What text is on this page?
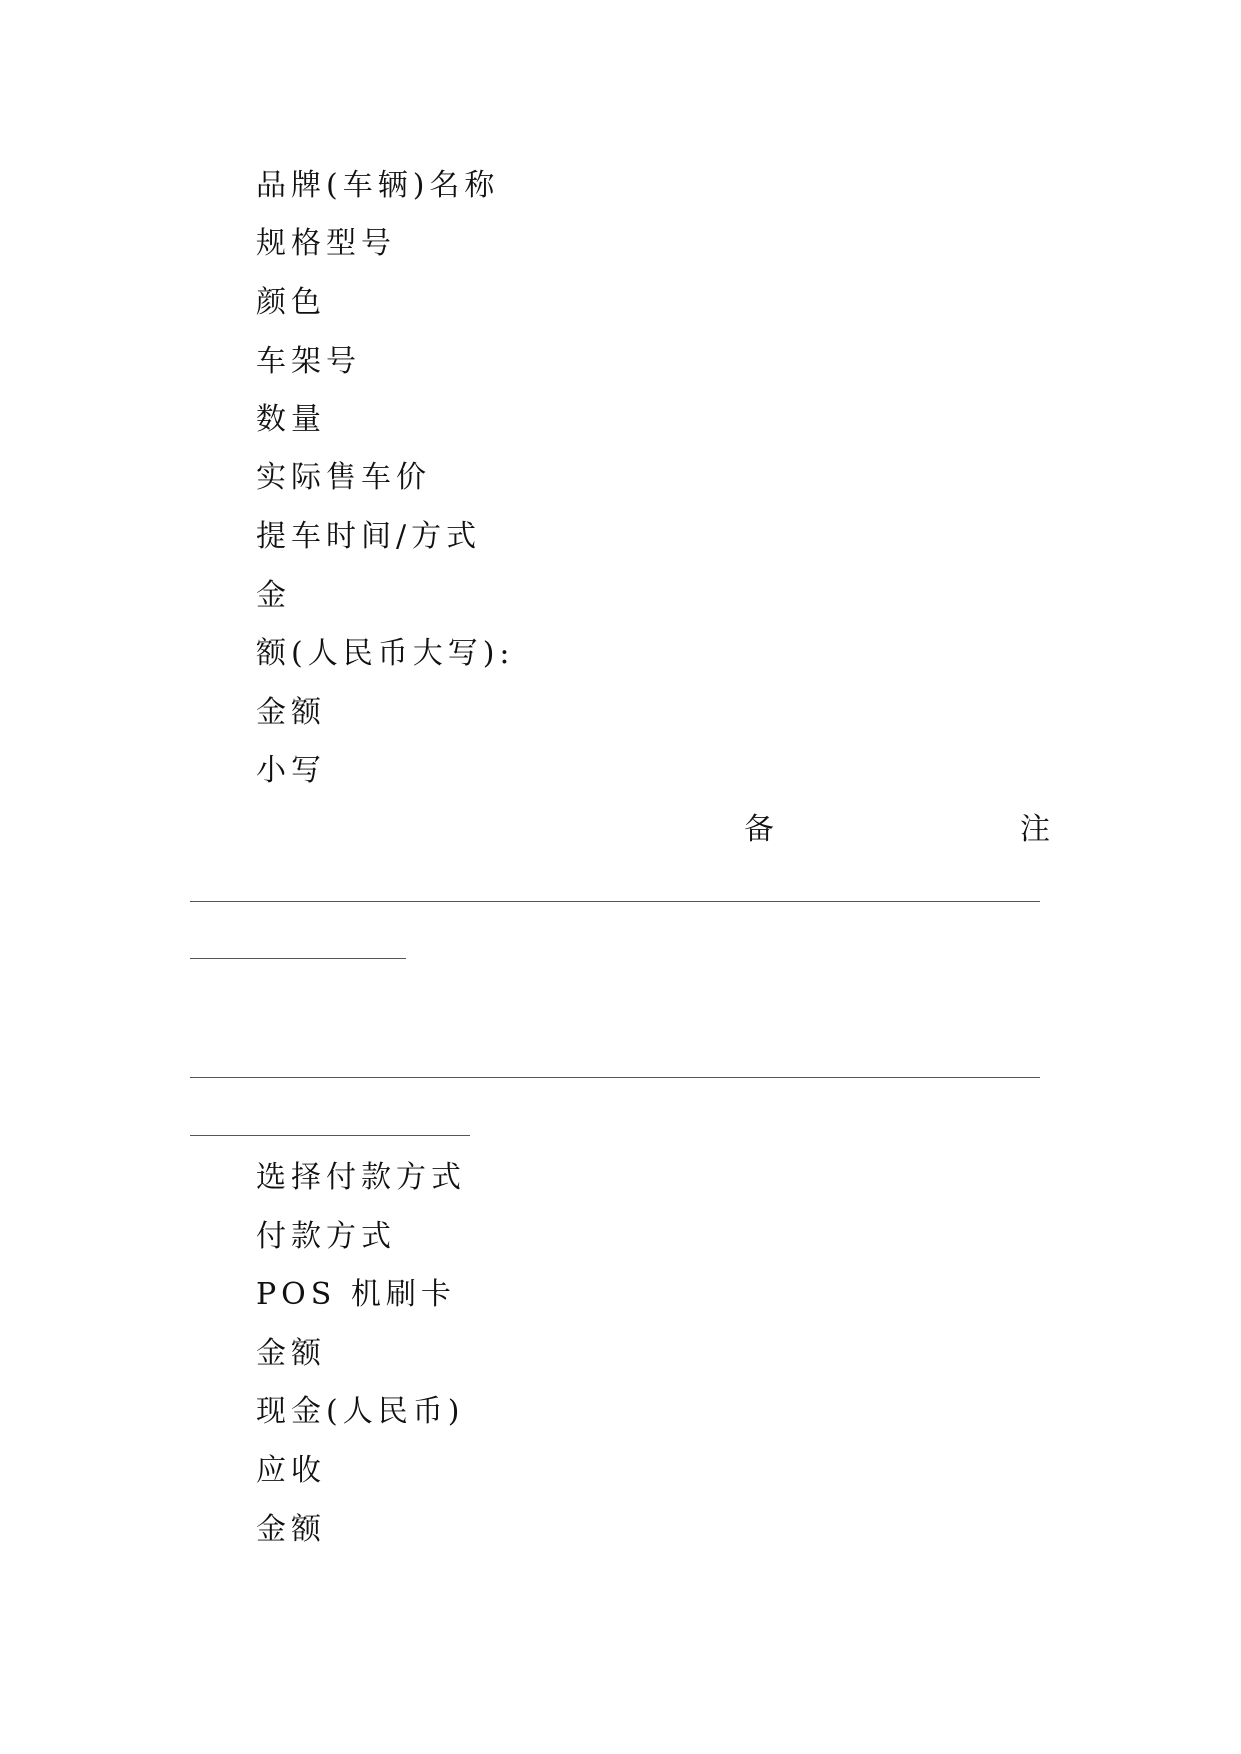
品牌(车辆)名称
规格型号
颜色
车架号
数量
实际售车价
提车时间/方式
金
额(人民币大写):
金额
小写
备	注
选择付款方式
付款方式
POS 机刷卡
金额
现金(人民币)
应收
金额
